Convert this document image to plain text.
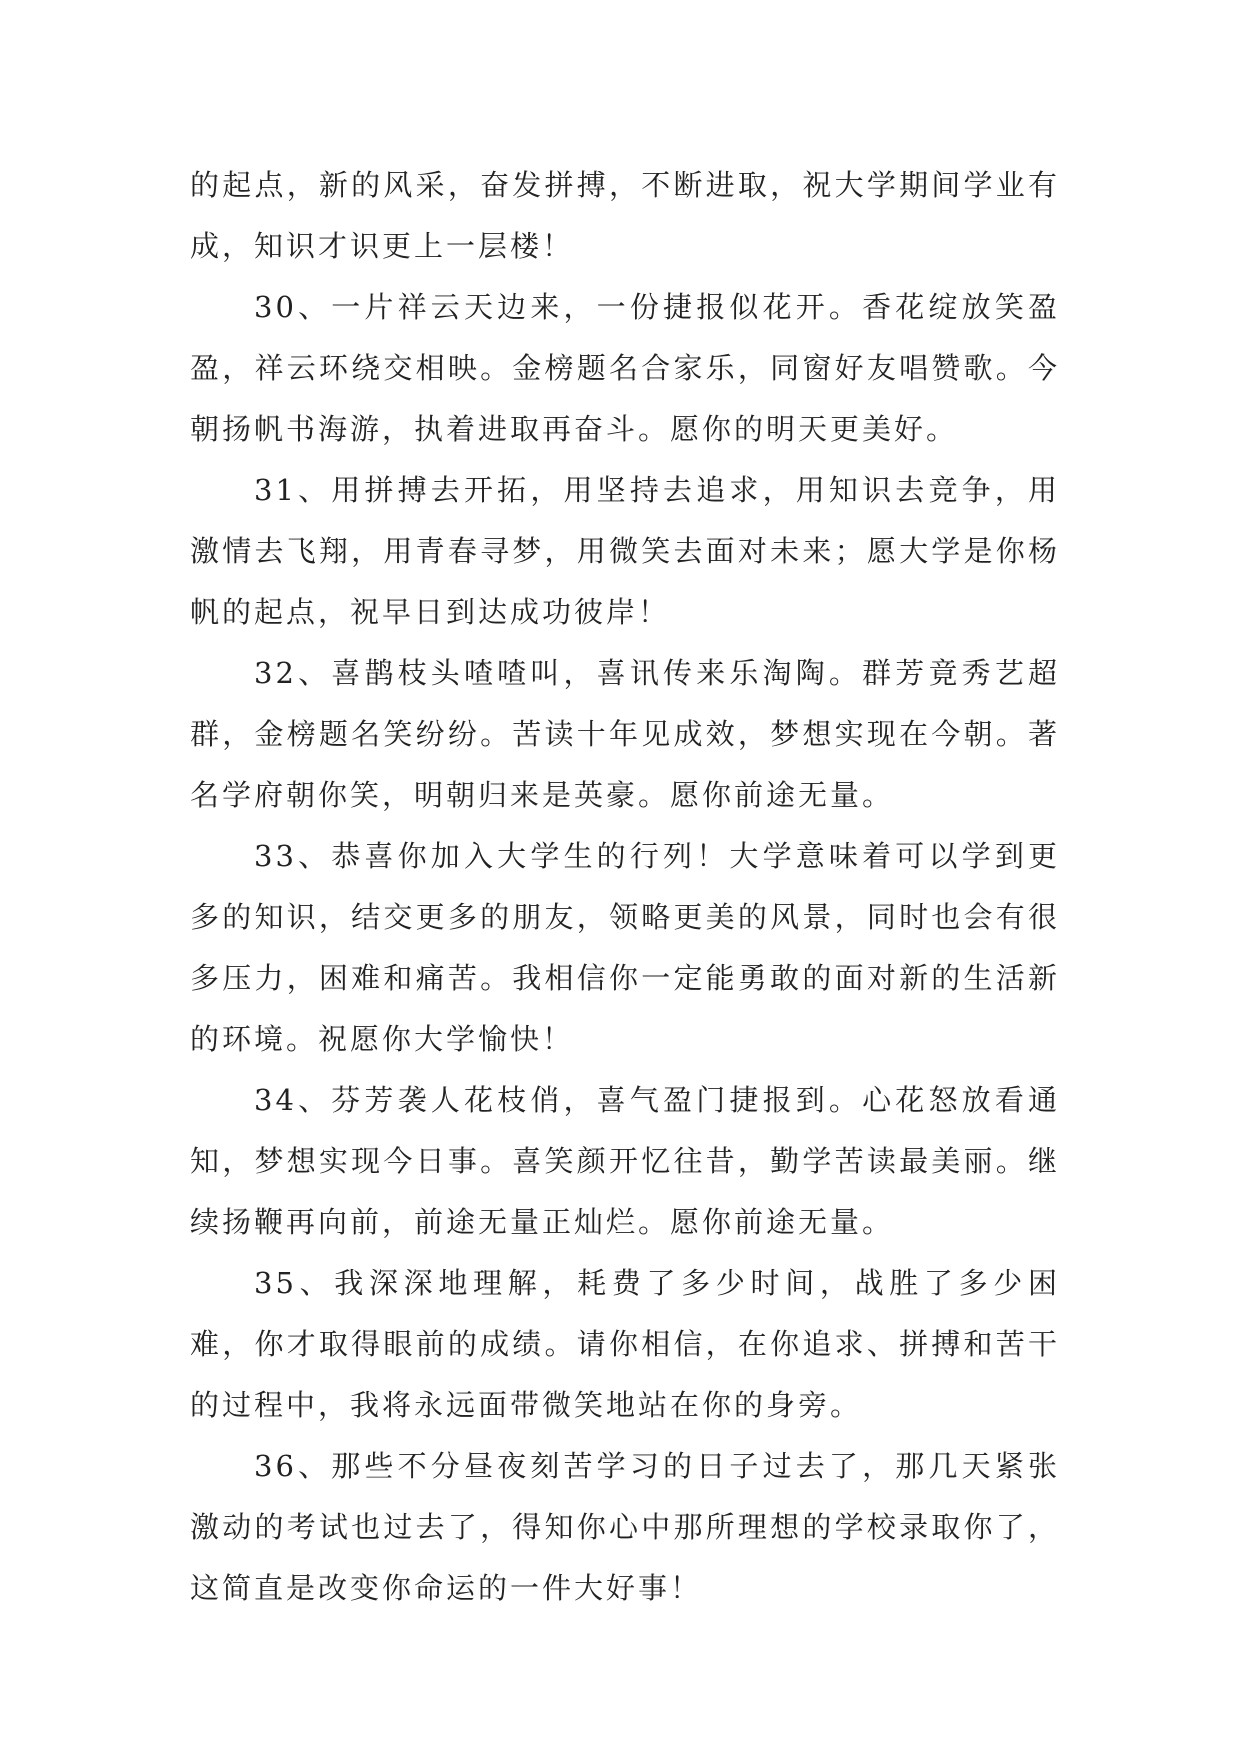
的起点，新的风采，奋发拼搏，不断进取，祝大学期间学业有成，知识才识更上一层楼！

30、一片祥云天边来，一份捷报似花开。香花绽放笑盈盈，祥云环绕交相映。金榜题名合家乐，同窗好友唱赞歌。今朝扬帆书海游，执着进取再奋斗。愿你的明天更美好。

31、用拼搏去开拓，用坚持去追求，用知识去竞争，用激情去飞翔，用青春寻梦，用微笑去面对未来；愿大学是你杨帆的起点，祝早日到达成功彼岸！

32、喜鹊枝头喳喳叫，喜讯传来乐淘陶。群芳竟秀艺超群，金榜题名笑纷纷。苦读十年见成效，梦想实现在今朝。著名学府朝你笑，明朝归来是英豪。愿你前途无量。

33、恭喜你加入大学生的行列！大学意味着可以学到更多的知识，结交更多的朋友，领略更美的风景，同时也会有很多压力，困难和痛苦。我相信你一定能勇敢的面对新的生活新的环境。祝愿你大学愉快！

34、芬芳袭人花枝俏，喜气盈门捷报到。心花怒放看通知，梦想实现今日事。喜笑颜开忆往昔，勤学苦读最美丽。继续扬鞭再向前，前途无量正灿烂。愿你前途无量。

35、我深深地理解，耗费了多少时间，战胜了多少困难，你才取得眼前的成绩。请你相信，在你追求、拼搏和苦干的过程中，我将永远面带微笑地站在你的身旁。

36、那些不分昼夜刻苦学习的日子过去了，那几天紧张激动的考试也过去了，得知你心中那所理想的学校录取你了，这简直是改变你命运的一件大好事！
